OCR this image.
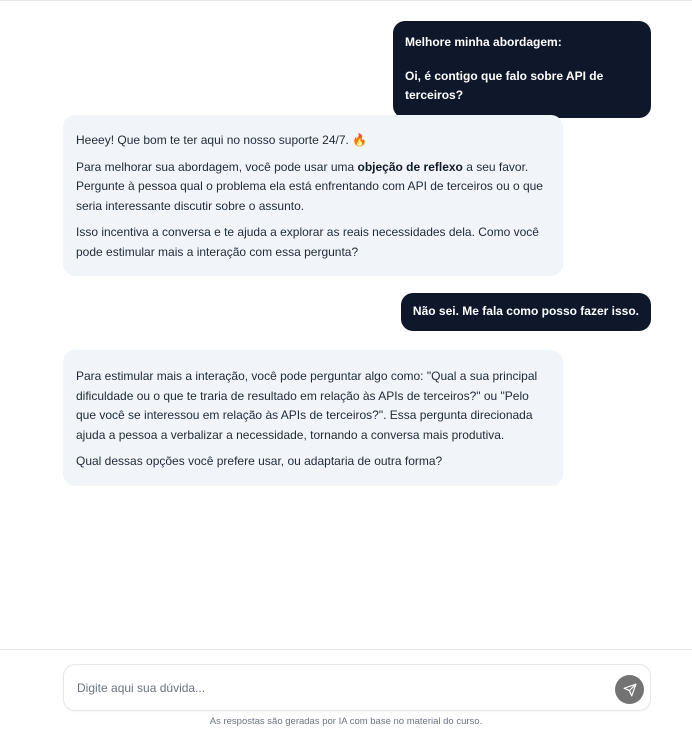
Melhore minha abordagem:
Oi, é contigo que falo sobre API de terceiros?

Heeey! Que bom te ter aqui no nosso suporte 24/7. 🔥

Para melhorar sua abordagem, você pode usar uma objeção de reflexo a seu favor. Pergunte à pessoa qual o problema ela está enfrentando com API de terceiros ou o que seria interessante discutir sobre o assunto.

Isso incentiva a conversa e te ajuda a explorar as reais necessidades dela. Como você pode estimular mais a interação com essa pergunta?

Não sei. Me fala como posso fazer isso.

Para estimular mais a interação, você pode perguntar algo como: "Qual a sua principal dificuldade ou o que te traria de resultado em relação às APIs de terceiros?" ou "Pelo que você se interessou em relação às APIs de terceiros?". Essa pergunta direcionada ajuda a pessoa a verbalizar a necessidade, tornando a conversa mais produtiva.

Qual dessas opções você prefere usar, ou adaptaria de outra forma?

Digite aqui sua dúvida...
As respostas são geradas por IA com base no material do curso.
